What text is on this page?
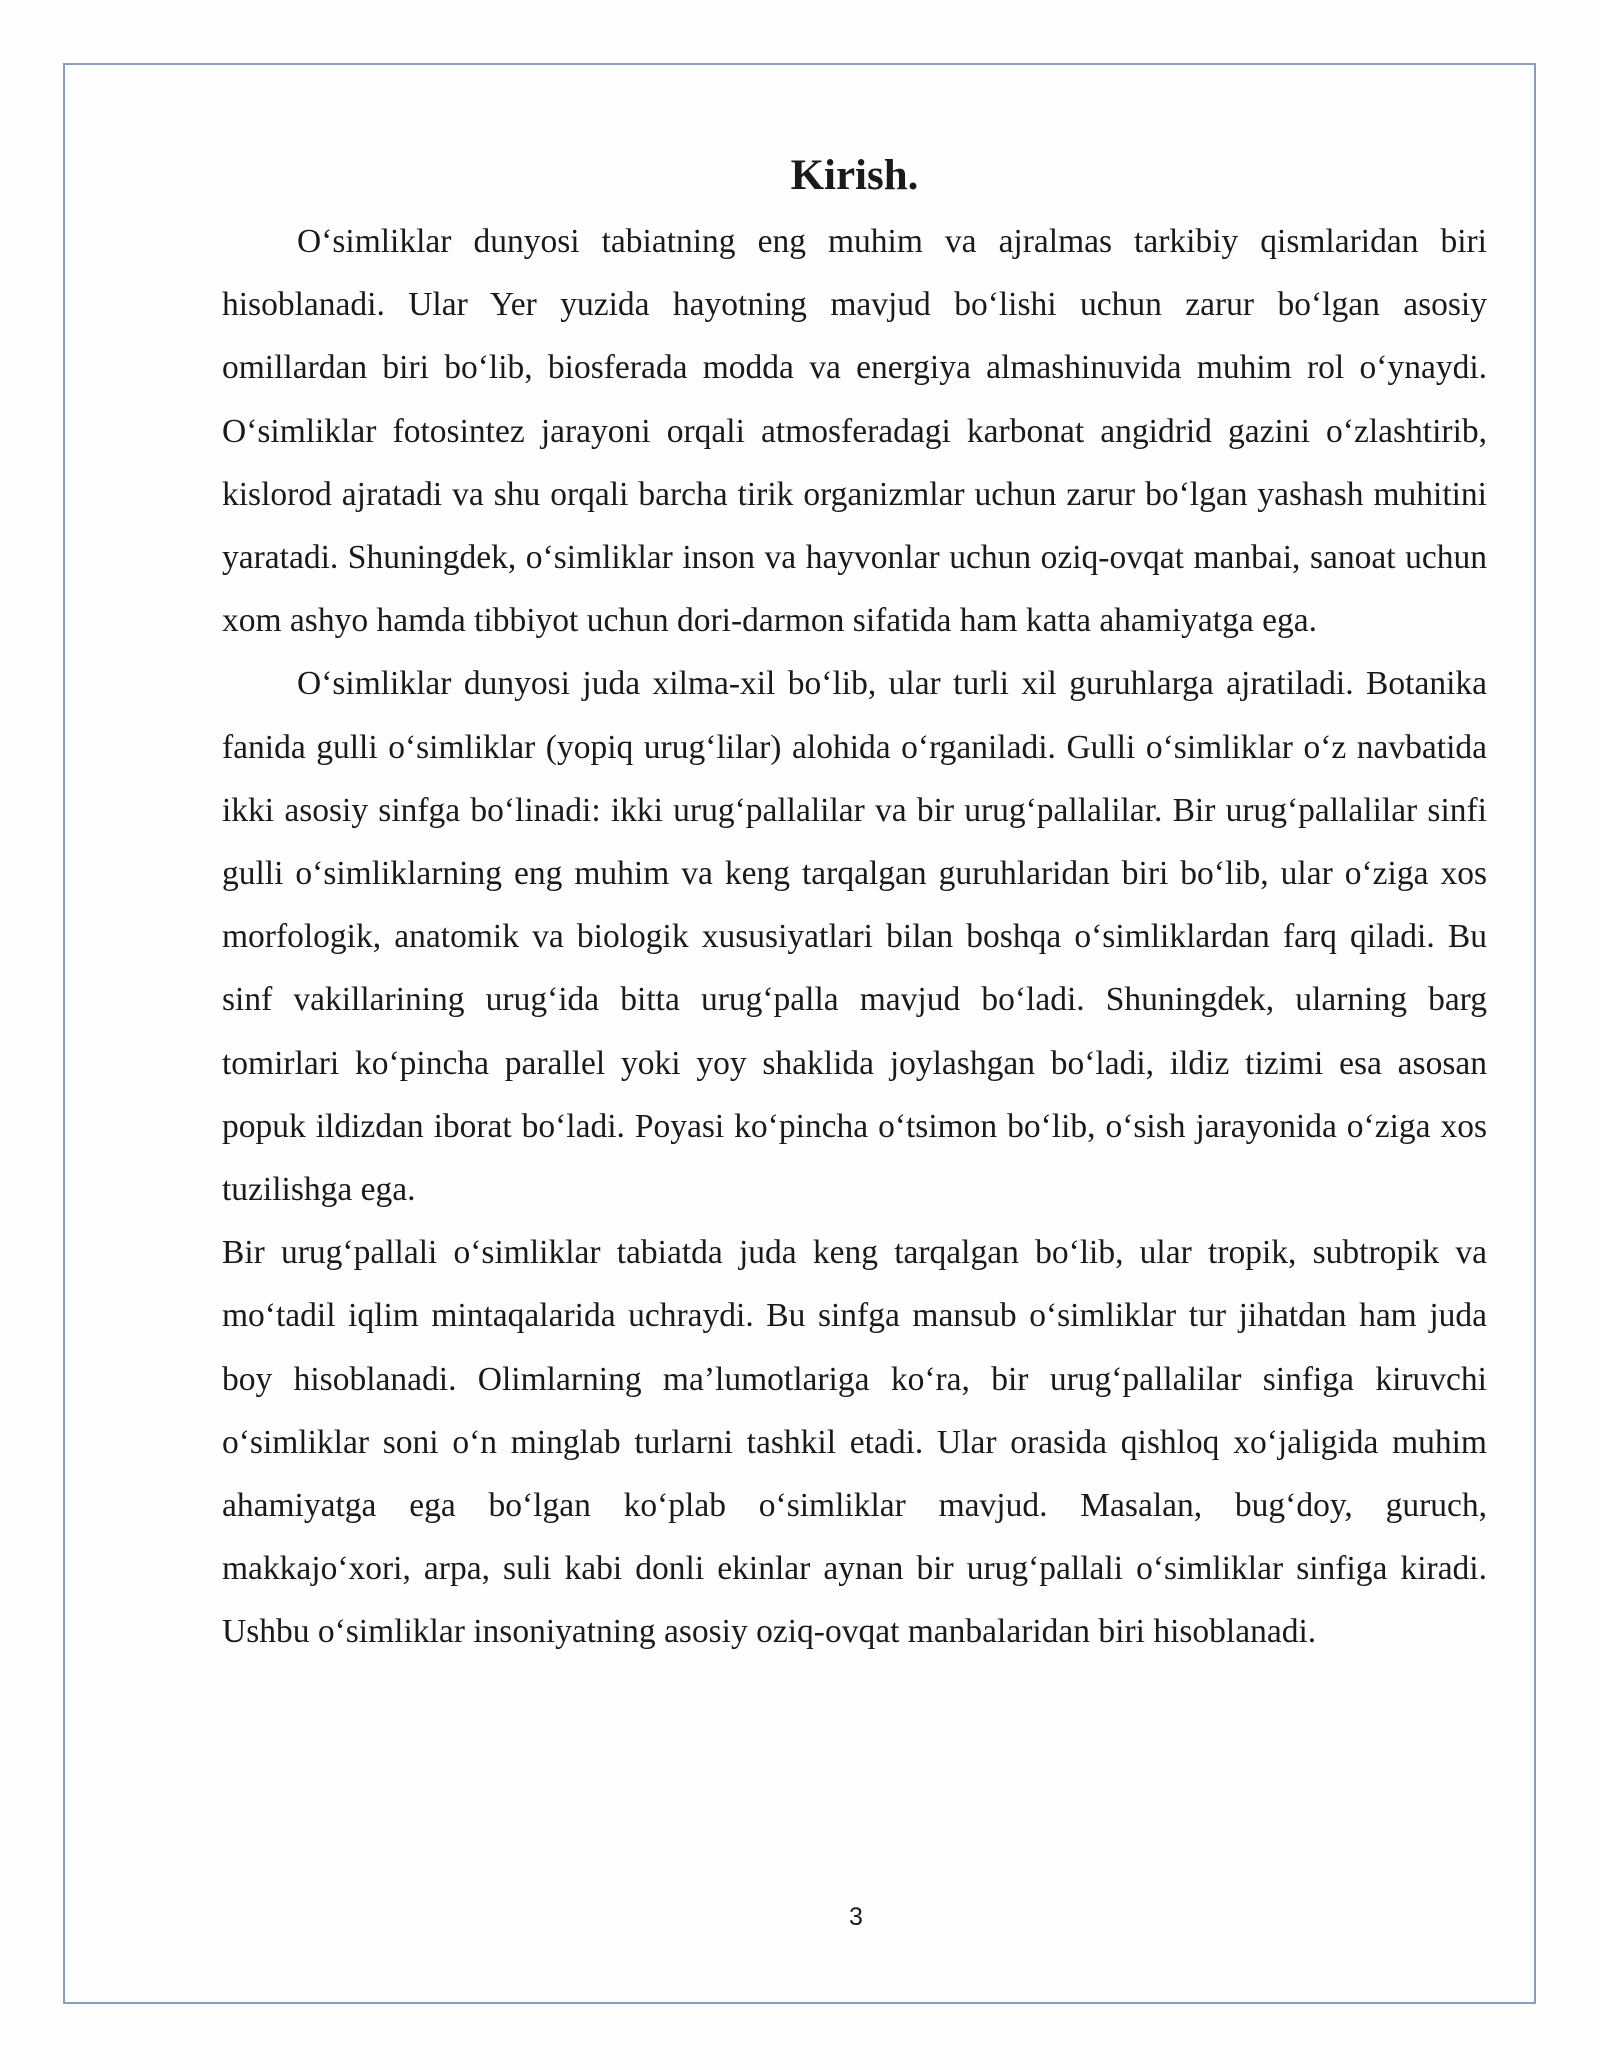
Kirish.

O‘simliklar dunyosi tabiatning eng muhim va ajralmas tarkibiy qismlaridan biri hisoblanadi. Ular Yer yuzida hayotning mavjud bo‘lishi uchun zarur bo‘lgan asosiy omillardan biri bo‘lib, biosferada modda va energiya almashinuvida muhim rol o‘ynaydi. O‘simliklar fotosintez jarayoni orqali atmosferadagi karbonat angidrid gazini o‘zlashtirib, kislorod ajratadi va shu orqali barcha tirik organizmlar uchun zarur bo‘lgan yashash muhitini yaratadi. Shuningdek, o‘simliklar inson va hayvonlar uchun oziq-ovqat manbai, sanoat uchun xom ashyo hamda tibbiyot uchun dori-darmon sifatida ham katta ahamiyatga ega.

O‘simliklar dunyosi juda xilma-xil bo‘lib, ular turli xil guruhlarga ajratiladi. Botanika fanida gulli o‘simliklar (yopiq urug‘lilar) alohida o‘rganiladi. Gulli o‘simliklar o‘z navbatida ikki asosiy sinfga bo‘linadi: ikki urug‘pallalilar va bir urug‘pallalilar. Bir urug‘pallalilar sinfi gulli o‘simliklarning eng muhim va keng tarqalgan guruhlaridan biri bo‘lib, ular o‘ziga xos morfologik, anatomik va biologik xususiyatlari bilan boshqa o‘simliklardan farq qiladi. Bu sinf vakillarining urug‘ida bitta urug‘palla mavjud bo‘ladi. Shuningdek, ularning barg tomirlari ko‘pincha parallel yoki yoy shaklida joylashgan bo‘ladi, ildiz tizimi esa asosan popuk ildizdan iborat bo‘ladi. Poyasi ko‘pincha o‘tsimon bo‘lib, o‘sish jarayonida o‘ziga xos tuzilishga ega.

Bir urug‘pallali o‘simliklar tabiatda juda keng tarqalgan bo‘lib, ular tropik, subtropik va mo‘tadil iqlim mintaqalarida uchraydi. Bu sinfga mansub o‘simliklar tur jihatdan ham juda boy hisoblanadi. Olimlarning ma’lumotlariga ko‘ra, bir urug‘pallalilar sinfiga kiruvchi o‘simliklar soni o‘n minglab turlarni tashkil etadi. Ular orasida qishloq xo‘jaligida muhim ahamiyatga ega bo‘lgan ko‘plab o‘simliklar mavjud. Masalan, bug‘doy, guruch, makkajo‘xori, arpa, suli kabi donli ekinlar aynan bir urug‘pallali o‘simliklar sinfiga kiradi. Ushbu o‘simliklar insoniyatning asosiy oziq-ovqat manbalaridan biri hisoblanadi.

3
